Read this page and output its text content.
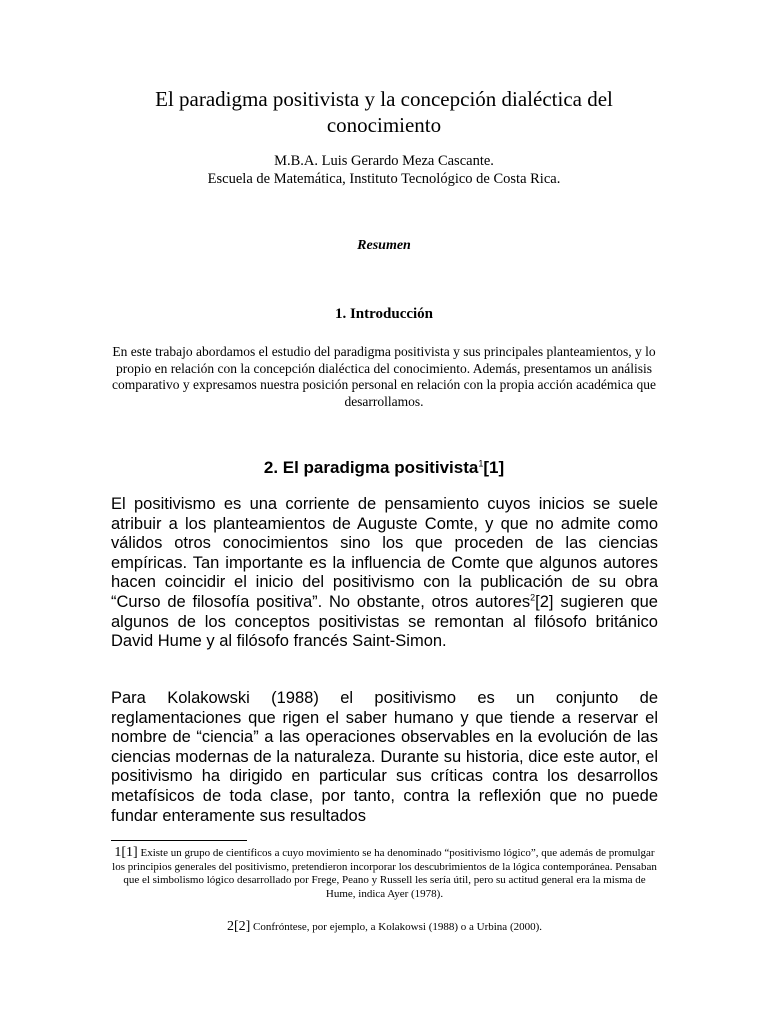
El paradigma positivista y la concepción dialéctica del conocimiento
M.B.A. Luis Gerardo Meza Cascante.
Escuela de Matemática, Instituto Tecnológico de Costa Rica.
Resumen
1. Introducción
En este trabajo abordamos el estudio del paradigma positivista y sus principales planteamientos, y lo propio en relación con la concepción dialéctica del conocimiento. Además, presentamos un análisis comparativo y expresamos nuestra posición personal en relación con la propia acción académica que desarrollamos.
2. El paradigma positivista$^1$[1]
El positivismo es una corriente de pensamiento cuyos inicios se suele atribuir a los planteamientos de Auguste Comte, y que no admite como válidos otros conocimientos sino los que proceden de las ciencias empíricas. Tan importante es la influencia de Comte que algunos autores hacen coincidir el inicio del positivismo con la publicación de su obra “Curso de filosofía positiva”. No obstante, otros autores$^2$[2] sugieren que algunos de los conceptos positivistas se remontan al filósofo británico David Hume y al filósofo francés Saint-Simon.
Para Kolakowski (1988) el positivismo es un conjunto de reglamentaciones que rigen el saber humano y que tiende a reservar el nombre de “ciencia” a las operaciones observables en la evolución de las ciencias modernas de la naturaleza. Durante su historia, dice este autor, el positivismo ha dirigido en particular sus críticas contra los desarrollos metafísicos de toda clase, por tanto, contra la reflexión que no puede fundar enteramente sus resultados
1[1] Existe un grupo de científicos a cuyo movimiento se ha denominado “positivismo lógico”, que además de promulgar los principios generales del positivismo, pretendieron incorporar los descubrimientos de la lógica contemporánea. Pensaban que el simbolismo lógico desarrollado por Frege, Peano y Russell les sería útil, pero su actitud general era la misma de Hume, indica Ayer (1978).
2[2] Confróntese, por ejemplo, a Kolakowsi (1988) o a Urbina (2000).
